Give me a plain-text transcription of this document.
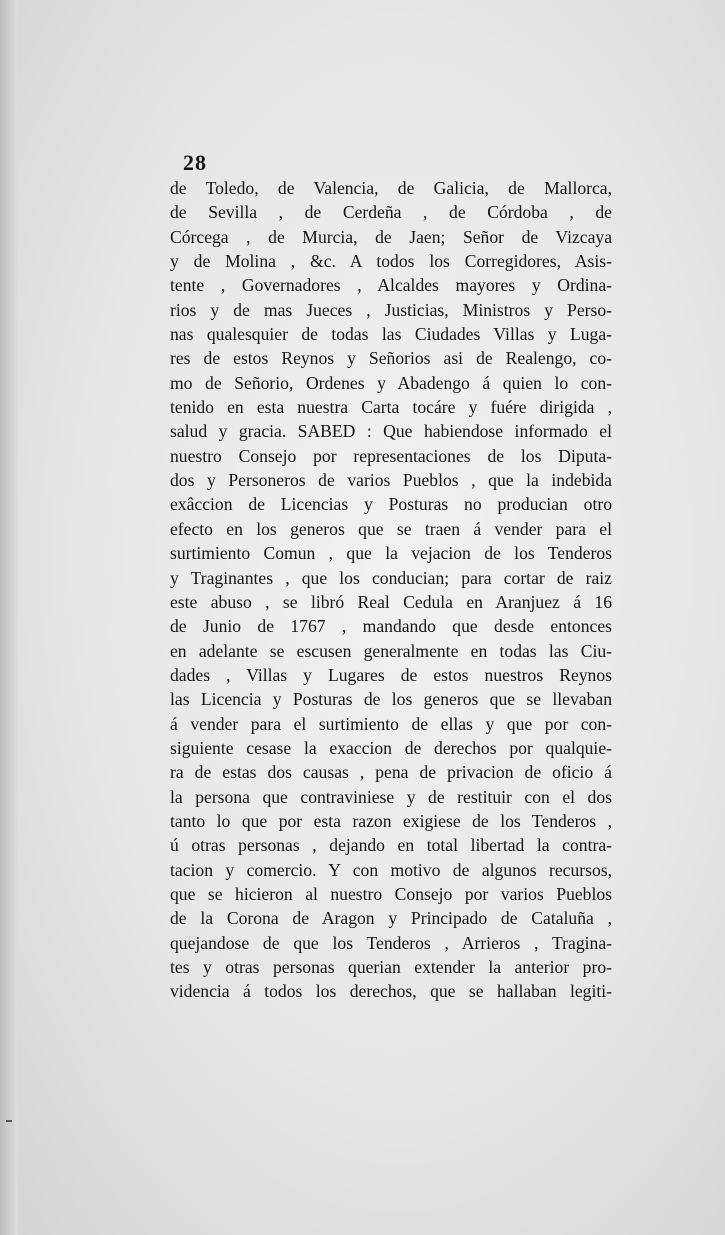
28
de Toledo, de Valencia, de Galicia, de Mallorca,
de Sevilla , de Cerdeña , de Córdoba , de
Córcega , de Murcia, de Jaen; Señor de Vizcaya
y de Molina , &c. A todos los Corregidores, Asis-
tente , Governadores , Alcaldes mayores y Ordina-
rios y de mas Jueces , Justicias, Ministros y Perso-
nas qualesquier de todas las Ciudades Villas y Luga-
res de estos Reynos y Señorios asi de Realengo, co-
mo de Señorio, Ordenes y Abadengo á quien lo con-
tenido en esta nuestra Carta tocáre y fuére dirigida ,
salud y gracia. SABED : Que habiendose informado el
nuestro Consejo por representaciones de los Diputa-
dos y Personeros de varios Pueblos , que la indebida
exâccion de Licencias y Posturas no producian otro
efecto en los generos que se traen á vender para el
surtimiento Comun , que la vejacion de los Tenderos
y Traginantes , que los conducian; para cortar de raiz
este abuso , se libró Real Cedula en Aranjuez á 16
de Junio de 1767 , mandando que desde entonces
en adelante se escusen generalmente en todas las Ciu-
dades , Villas y Lugares de estos nuestros Reynos
las Licencia y Posturas de los generos que se llevaban
á vender para el surtimiento de ellas y que por con-
siguiente cesase la exaccion de derechos por qualquie-
ra de estas dos causas , pena de privacion de oficio á
la persona que contraviniese y de restituir con el dos
tanto lo que por esta razon exigiese de los Tenderos ,
ú otras personas , dejando en total libertad la contra-
tacion y comercio. Y con motivo de algunos recursos,
que se hicieron al nuestro Consejo por varios Pueblos
de la Corona de Aragon y Principado de Cataluña ,
quejandose de que los Tenderos , Arrieros , Tragina-
tes y otras personas querian extender la anterior pro-
videncia á todos los derechos, que se hallaban legiti-
